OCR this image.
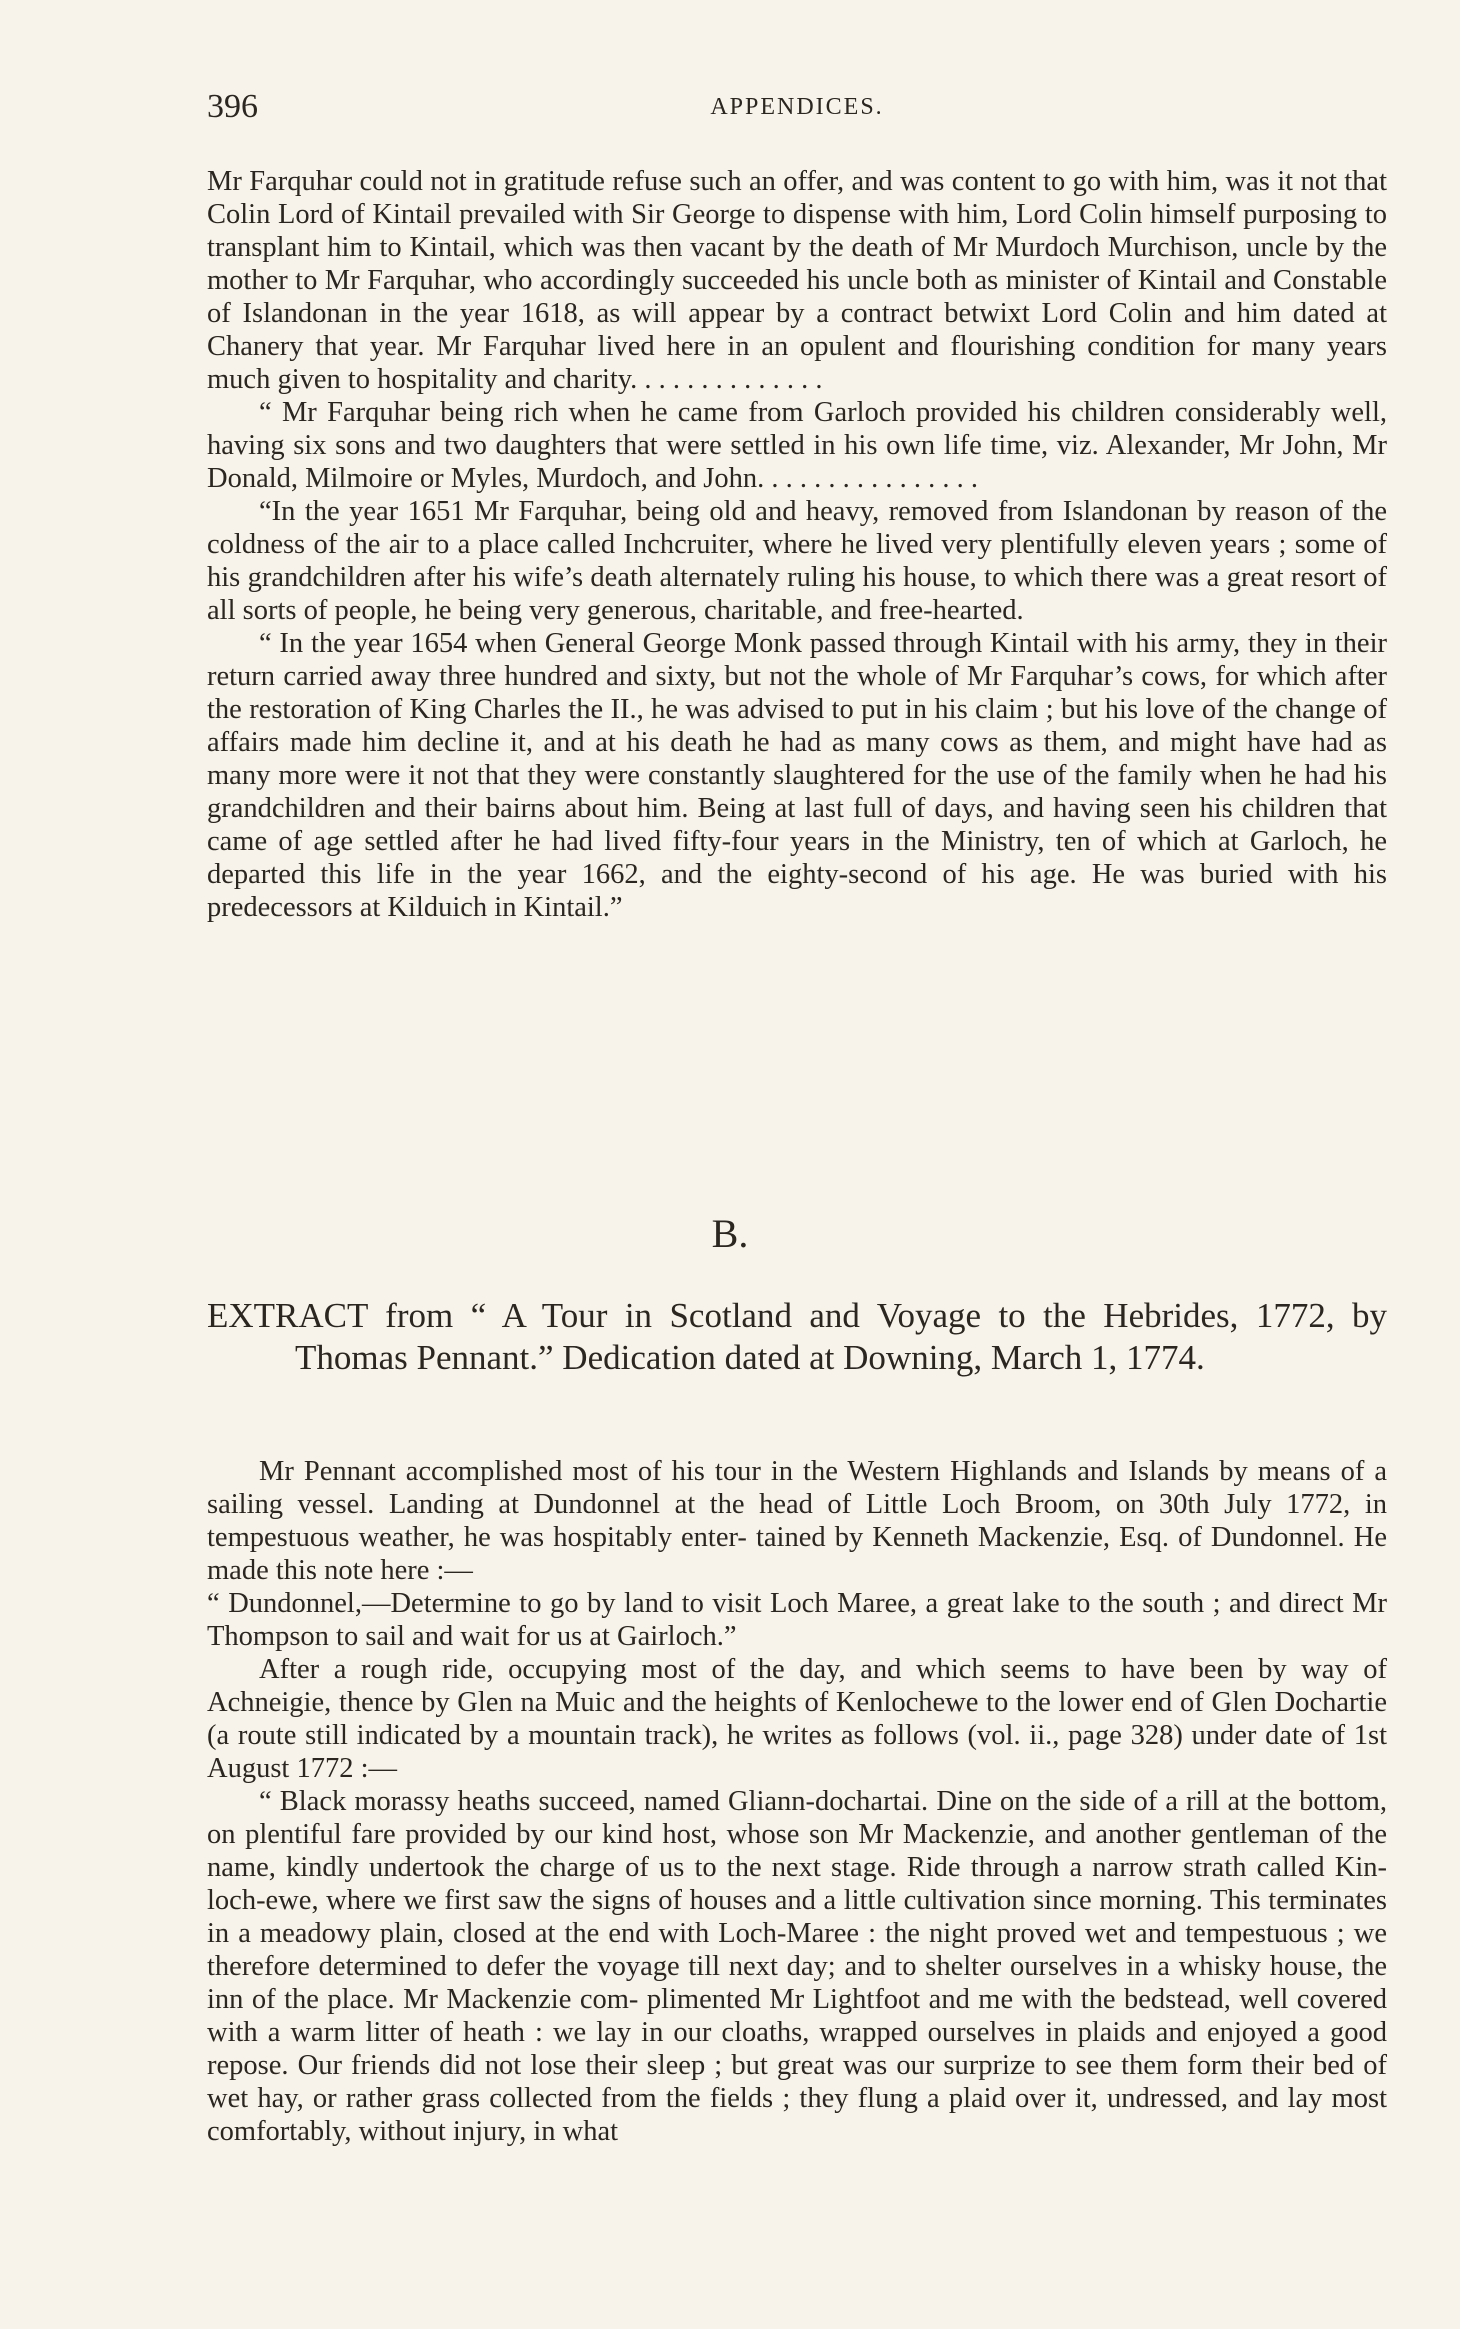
396	APPENDICES.

Mr Farquhar could not in gratitude refuse such an offer, and was content to go with him, was it not that Colin Lord of Kintail prevailed with Sir George to dispense with him, Lord Colin himself purposing to transplant him to Kintail, which was then vacant by the death of Mr Murdoch Murchison, uncle by the mother to Mr Farquhar, who accordingly succeeded his uncle both as minister of Kintail and Constable of Islandonan in the year 1618, as will appear by a contract betwixt Lord Colin and him dated at Chanery that year. Mr Farquhar lived here in an opulent and flourishing condition for many years much given to hospitality and charity. . . . . . . . . . . . . .

“ Mr Farquhar being rich when he came from Garloch provided his children considerably well, having six sons and two daughters that were settled in his own life time, viz. Alexander, Mr John, Mr Donald, Milmoire or Myles, Murdoch, and John. . . . . . . . . . . . . . . .

“In the year 1651 Mr Farquhar, being old and heavy, removed from Islandonan by reason of the coldness of the air to a place called Inchcruiter, where he lived very plentifully eleven years ; some of his grandchildren after his wife’s death alternately ruling his house, to which there was a great resort of all sorts of people, he being very generous, charitable, and free-hearted.

“ In the year 1654 when General George Monk passed through Kintail with his army, they in their return carried away three hundred and sixty, but not the whole of Mr Farquhar’s cows, for which after the restoration of King Charles the II., he was advised to put in his claim ; but his love of the change of affairs made him decline it, and at his death he had as many cows as them, and might have had as many more were it not that they were constantly slaughtered for the use of the family when he had his grandchildren and their bairns about him. Being at last full of days, and having seen his children that came of age settled after he had lived fifty-four years in the Ministry, ten of which at Garloch, he departed this life in the year 1662, and the eighty-second of his age. He was buried with his predecessors at Kilduich in Kintail.”

B.
EXTRACT from “ A Tour in Scotland and Voyage to the Hebrides, 1772, by Thomas Pennant.” Dedication dated at Downing, March 1, 1774.

Mr Pennant accomplished most of his tour in the Western Highlands and Islands by means of a sailing vessel. Landing at Dundonnel at the head of Little Loch Broom, on 30th July 1772, in tempestuous weather, he was hospitably enter- tained by Kenneth Mackenzie, Esq. of Dundonnel. He made this note here :—

“ Dundonnel,—Determine to go by land to visit Loch Maree, a great lake to the south ; and direct Mr Thompson to sail and wait for us at Gairloch.”

After a rough ride, occupying most of the day, and which seems to have been by way of Achneigie, thence by Glen na Muic and the heights of Kenlochewe to the lower end of Glen Dochartie (a route still indicated by a mountain track), he writes as follows (vol. ii., page 328) under date of 1st August 1772 :—

“ Black morassy heaths succeed, named Gliann-dochartai. Dine on the side of a rill at the bottom, on plentiful fare provided by our kind host, whose son Mr Mackenzie, and another gentleman of the name, kindly undertook the charge of us to the next stage. Ride through a narrow strath called Kin-loch-ewe, where we first saw the signs of houses and a little cultivation since morning. This terminates in a meadowy plain, closed at the end with Loch-Maree : the night proved wet and tempestuous ; we therefore determined to defer the voyage till next day; and to shelter ourselves in a whisky house, the inn of the place. Mr Mackenzie com- plimented Mr Lightfoot and me with the bedstead, well covered with a warm litter of heath : we lay in our cloaths, wrapped ourselves in plaids and enjoyed a good repose. Our friends did not lose their sleep ; but great was our surprize to see them form their bed of wet hay, or rather grass collected from the fields ; they flung a plaid over it, undressed, and lay most comfortably, without injury, in what
